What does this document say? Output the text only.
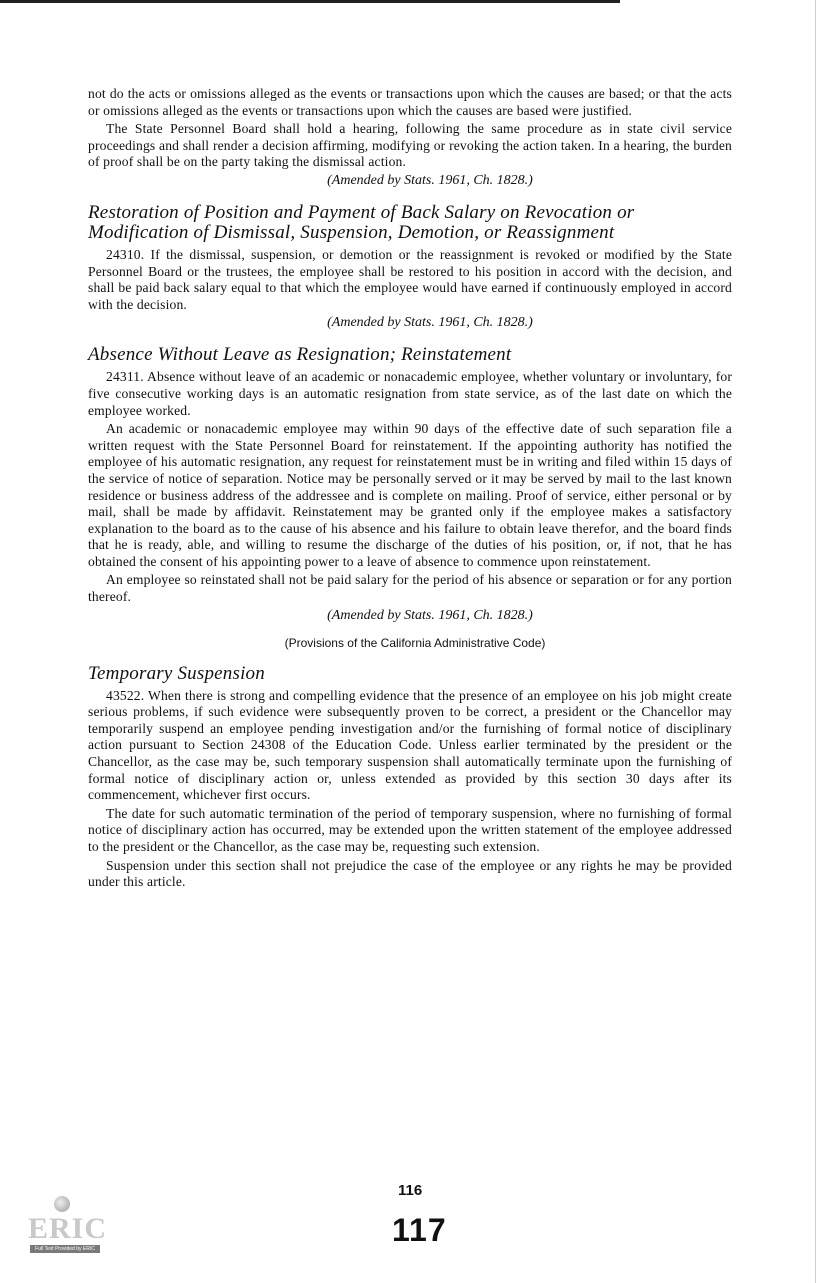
not do the acts or omissions alleged as the events or transactions upon which the causes are based; or that the acts or omissions alleged as the events or transactions upon which the causes are based were justified.

The State Personnel Board shall hold a hearing, following the same procedure as in state civil service proceedings and shall render a decision affirming, modifying or revoking the action taken. In a hearing, the burden of proof shall be on the party taking the dismissal action.

(Amended by Stats. 1961, Ch. 1828.)
Restoration of Position and Payment of Back Salary on Revocation or Modification of Dismissal, Suspension, Demotion, or Reassignment

24310. If the dismissal, suspension, or demotion or the reassignment is revoked or modified by the State Personnel Board or the trustees, the employee shall be restored to his position in accord with the decision, and shall be paid back salary equal to that which the employee would have earned if continuously employed in accord with the decision.

(Amended by Stats. 1961, Ch. 1828.)
Absence Without Leave as Resignation; Reinstatement

24311. Absence without leave of an academic or nonacademic employee, whether voluntary or involuntary, for five consecutive working days is an automatic resignation from state service, as of the last date on which the employee worked.

An academic or nonacademic employee may within 90 days of the effective date of such separation file a written request with the State Personnel Board for reinstatement. If the appointing authority has notified the employee of his automatic resignation, any request for reinstatement must be in writing and filed within 15 days of the service of notice of separation. Notice may be personally served or it may be served by mail to the last known residence or business address of the addressee and is complete on mailing. Proof of service, either personal or by mail, shall be made by affidavit. Reinstatement may be granted only if the employee makes a satisfactory explanation to the board as to the cause of his absence and his failure to obtain leave therefor, and the board finds that he is ready, able, and willing to resume the discharge of the duties of his position, or, if not, that he has obtained the consent of his appointing power to a leave of absence to commence upon reinstatement.

An employee so reinstated shall not be paid salary for the period of his absence or separation or for any portion thereof.

(Amended by Stats. 1961, Ch. 1828.)
(Provisions of the California Administrative Code)
Temporary Suspension

43522. When there is strong and compelling evidence that the presence of an employee on his job might create serious problems, if such evidence were subsequently proven to be correct, a president or the Chancellor may temporarily suspend an employee pending investigation and/or the furnishing of formal notice of disciplinary action pursuant to Section 24308 of the Education Code. Unless earlier terminated by the president or the Chancellor, as the case may be, such temporary suspension shall automatically terminate upon the furnishing of formal notice of disciplinary action or, unless extended as provided by this section 30 days after its commencement, whichever first occurs.

The date for such automatic termination of the period of temporary suspension, where no furnishing of formal notice of disciplinary action has occurred, may be extended upon the written statement of the employee addressed to the president or the Chancellor, as the case may be, requesting such extension.

Suspension under this section shall not prejudice the case of the employee or any rights he may be provided under this article.

116
117
ERIC
Full Text Provided by ERIC
